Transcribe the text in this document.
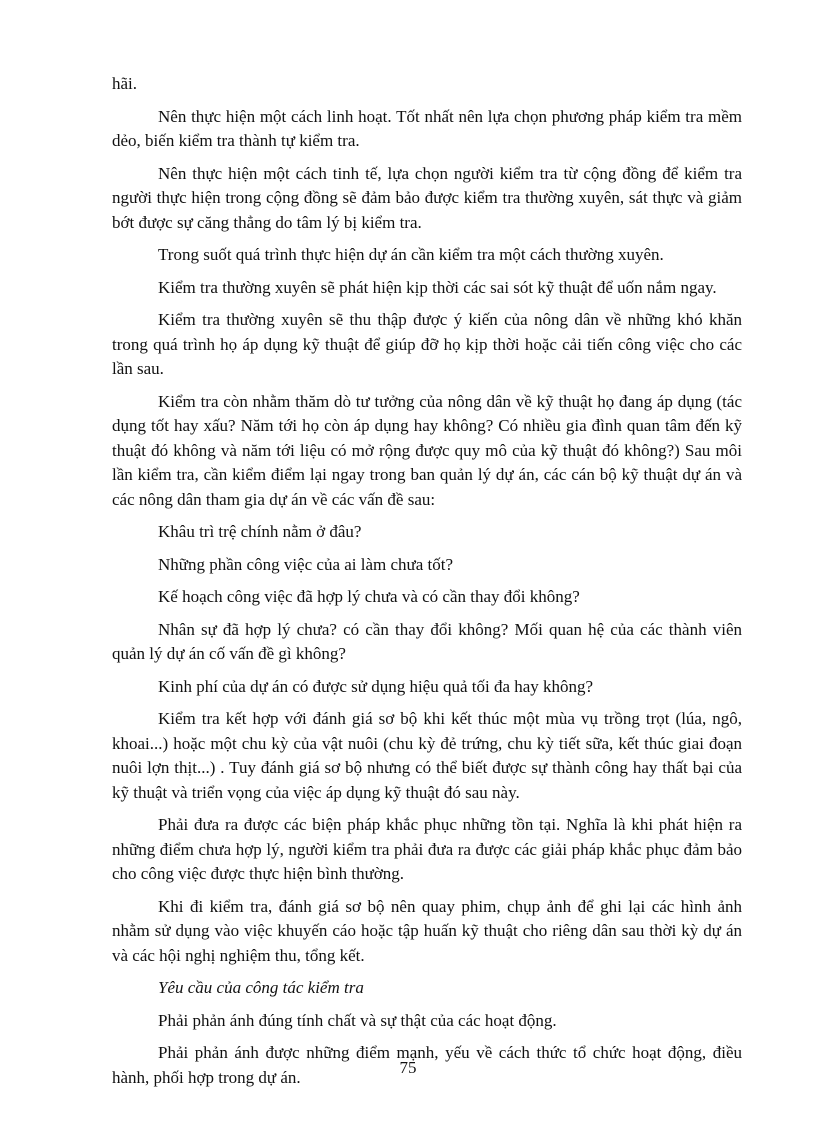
hãi.

Nên thực hiện một cách linh hoạt. Tốt nhất nên lựa chọn phương pháp kiểm tra mềm dẻo, biến kiểm tra thành tự kiểm tra.

Nên thực hiện một cách tinh tế, lựa chọn người kiểm tra từ cộng đồng để kiểm tra người thực hiện trong cộng đồng sẽ đảm bảo được kiểm tra thường xuyên, sát thực và giảm bớt được sự căng thẳng do tâm lý bị kiểm tra.

Trong suốt quá trình thực hiện dự án cần kiểm tra một cách thường xuyên.

Kiểm tra thường xuyên sẽ phát hiện kịp thời các sai sót kỹ thuật để uốn nắm ngay.

Kiểm tra thường xuyên sẽ thu thập được ý kiến của nông dân về những khó khăn trong quá trình họ áp dụng kỹ thuật để giúp đỡ họ kịp thời hoặc cải tiến công việc cho các lần sau.

Kiểm tra còn nhằm thăm dò tư tưởng của nông dân về kỹ thuật họ đang áp dụng (tác dụng tốt hay xấu? Năm tới họ còn áp dụng hay không? Có nhiều gia đình quan tâm đến kỹ thuật đó không và năm tới liệu có mở rộng được quy mô của kỹ thuật đó không?) Sau môi lần kiểm tra, cần kiểm điểm lại ngay trong ban quản lý dự án, các cán bộ kỹ thuật dự án và các nông dân tham gia dự án về các vấn đề sau:

Khâu trì trệ chính nằm ở đâu?

Những phần công việc của ai làm chưa tốt?

Kế hoạch công việc đã hợp lý chưa và có cần thay đổi không?

Nhân sự đã hợp lý chưa? có cần thay đổi không? Mối quan hệ của các thành viên quản lý dự án cố vấn đề gì không?

Kinh phí của dự án có được sử dụng hiệu quả tối đa hay không?

Kiểm tra kết hợp với đánh giá sơ bộ khi kết thúc một mùa vụ trồng trọt (lúa, ngô, khoai...) hoặc một chu kỳ của vật nuôi (chu kỳ đẻ trứng, chu kỳ tiết sữa, kết thúc giai đoạn nuôi lợn thịt...) . Tuy đánh giá sơ bộ nhưng có thể biết được sự thành công hay thất bại của kỹ thuật và triển vọng của việc áp dụng kỹ thuật đó sau này.

Phải đưa ra được các biện pháp khắc phục những tồn tại. Nghĩa là khi phát hiện ra những điểm chưa hợp lý, người kiểm tra phải đưa ra được các giải pháp khắc phục đảm bảo cho công việc được thực hiện bình thường.

Khi đi kiểm tra, đánh giá sơ bộ nên quay phim, chụp ảnh để ghi lại các hình ảnh nhằm sử dụng vào việc khuyến cáo hoặc tập huấn kỹ thuật cho riêng dân sau thời kỳ dự án và các hội nghị nghiệm thu, tổng kết.

Yêu cầu của công tác kiểm tra

Phải phản ánh đúng tính chất và sự thật của các hoạt động.

Phải phản ánh được những điểm mạnh, yếu về cách thức tổ chức hoạt động, điều hành, phối hợp trong dự án.	75
